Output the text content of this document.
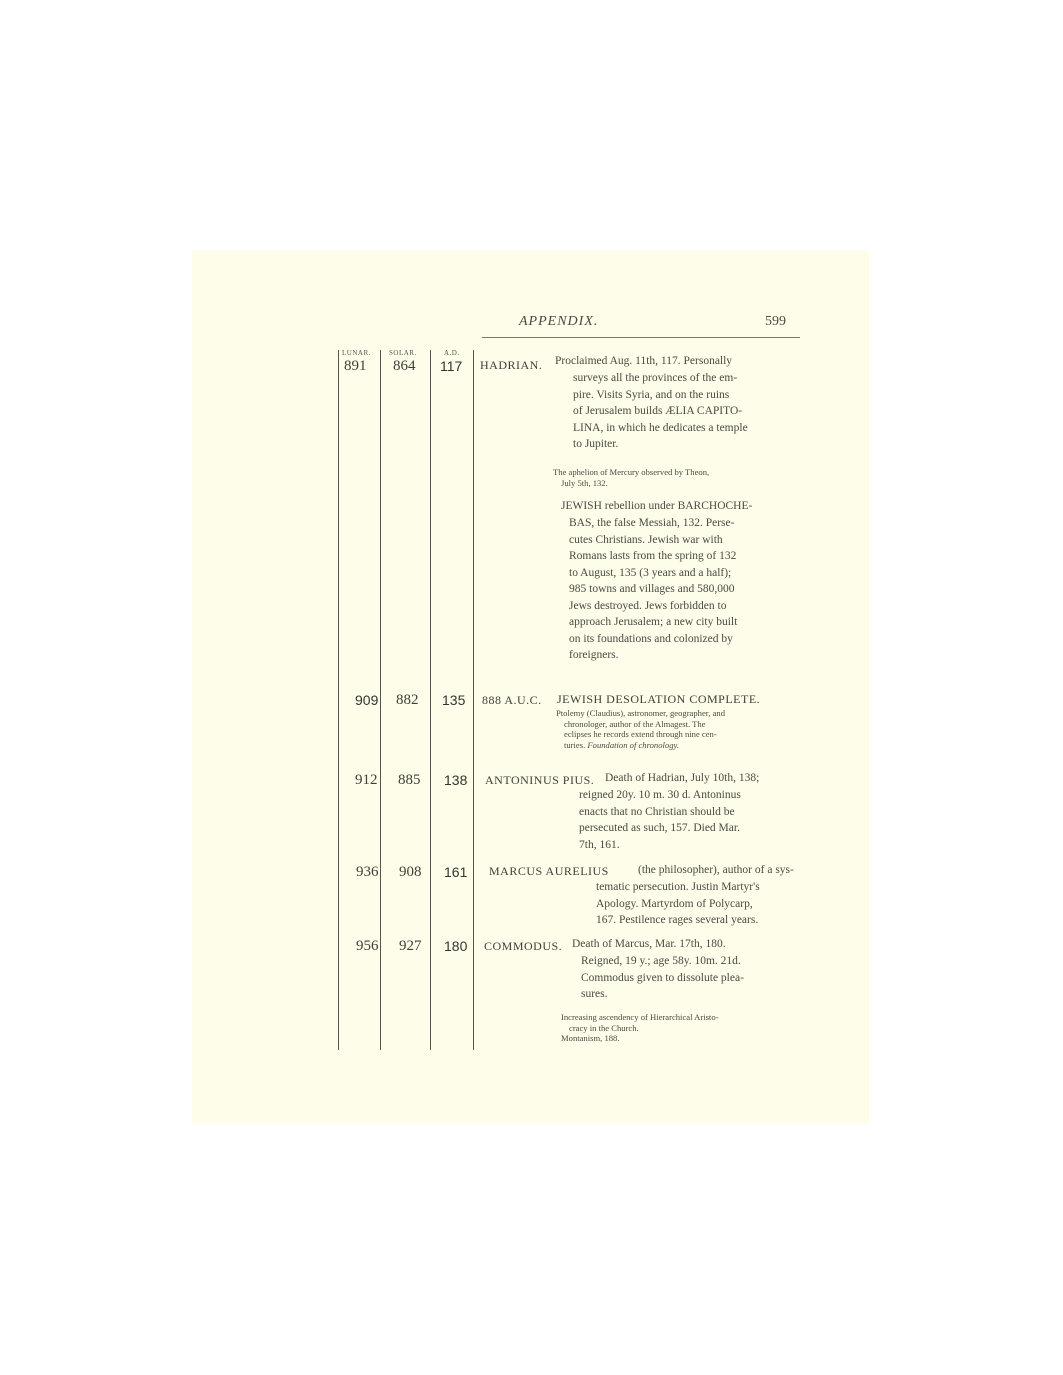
APPENDIX.	599
LUNAR.	SOLAR.	A.D.
891 864 117 HADRIAN. Proclaimed Aug. 11th, 117. Personally
surveys all the provinces of the em-
pire. Visits Syria, and on the ruins
of Jerusalem builds ÆLIA CAPITO-
LINA, in which he dedicates a temple
to Jupiter.
The aphelion of Mercury observed by Theon,
July 5th, 132.
JEWISH rebellion under BARCHOCHE-
BAS, the false Messiah, 132. Perse-
cutes Christians. Jewish war with
Romans lasts from the spring of 132
to August, 135 (3 years and a half);
985 towns and villages and 580,000
Jews destroyed. Jews forbidden to
approach Jerusalem; a new city built
on its foundations and colonized by
foreigners.
909 882 135 888 A.U.C. JEWISH DESOLATION COMPLETE.
Ptolemy (Claudius), astronomer, geographer, and
chronologer, author of the Almagest. The
eclipses he records extend through nine cen-
turies. Foundation of chronology.
912 885 138 ANTONINUS PIUS. Death of Hadrian, July 10th, 138;
reigned 20y. 10 m. 30 d. Antoninus
enacts that no Christian should be
persecuted as such, 157. Died Mar.
7th, 161.
936 908 161 MARCUS AURELIUS	(the philosopher), author of a sys-
tematic persecution. Justin Martyr's
Apology. Martyrdom of Polycarp,
167. Pestilence rages several years.
956 927 180 COMMODUS. Death of Marcus, Mar. 17th, 180.
Reigned, 19 y.; age 58y. 10m. 21d.
Commodus given to dissolute plea-
sures.
Increasing ascendency of Hierarchical Aristo-
cracy in the Church.
Montanism, 188.
